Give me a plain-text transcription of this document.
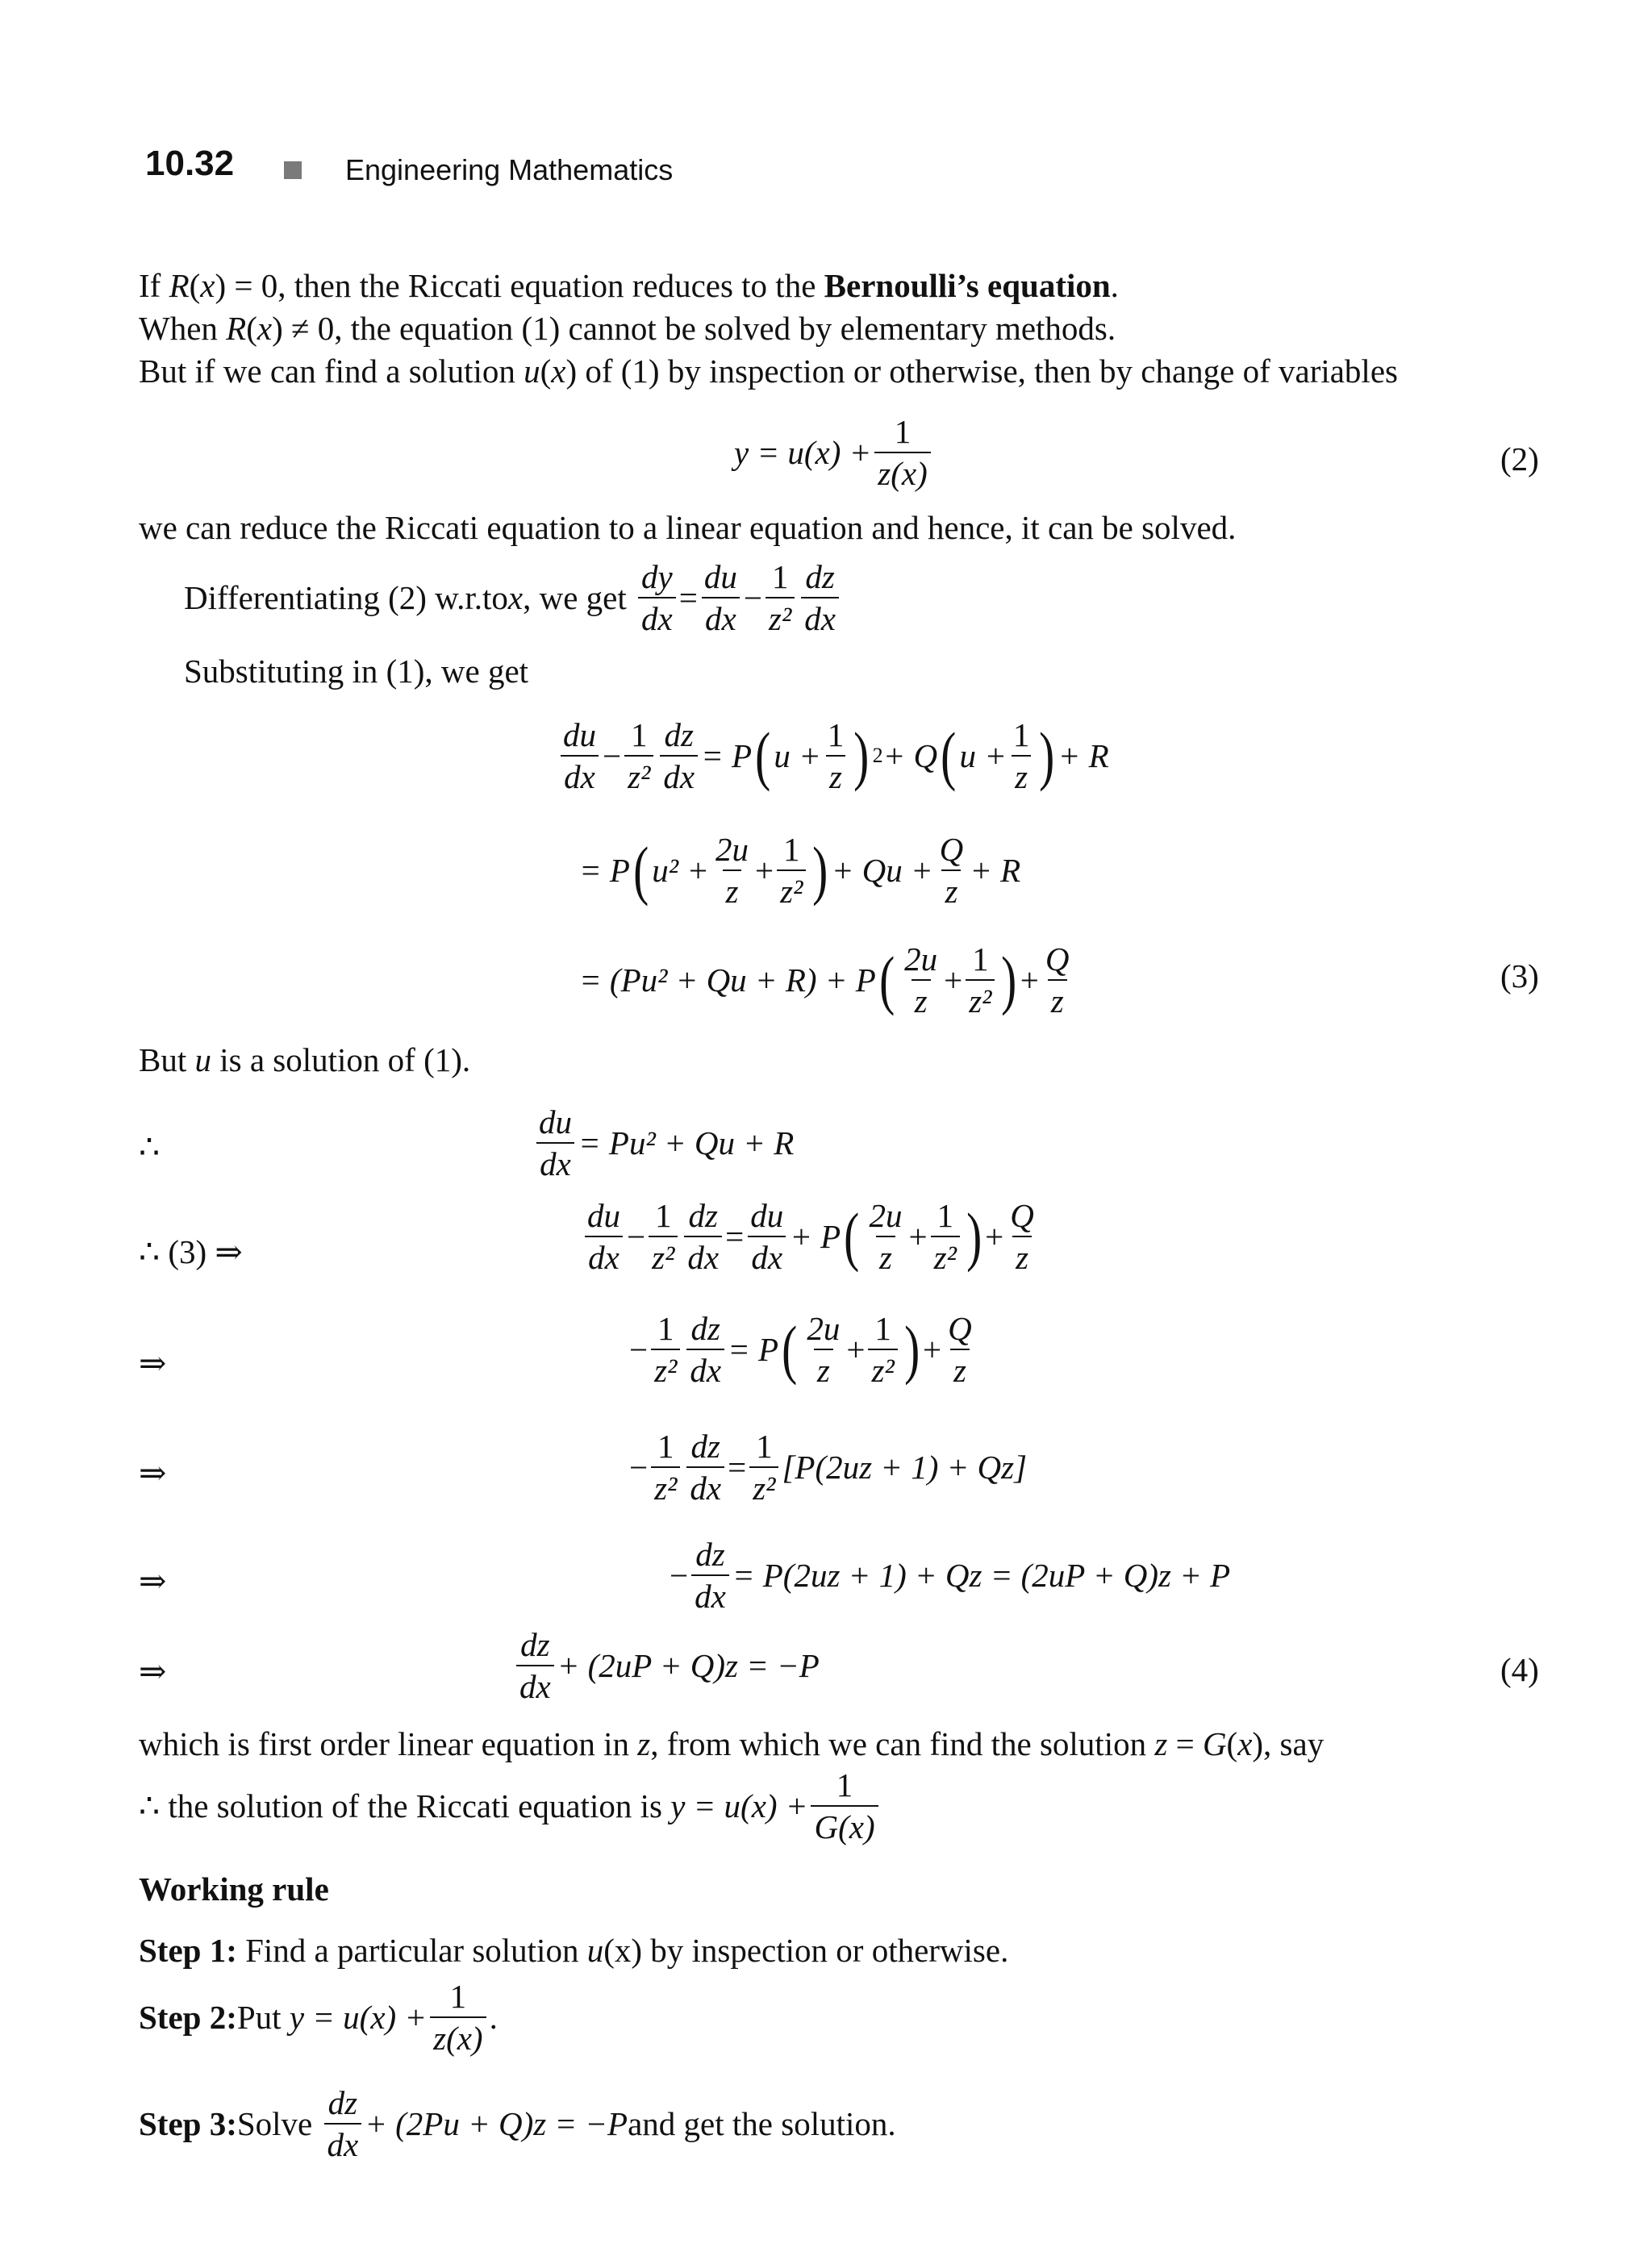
10.32	Engineering Mathematics
If R(x) = 0, then the Riccati equation reduces to the Bernoulli’s equation.
When R(x) ≠ 0, the equation (1) cannot be solved by elementary methods.
But if we can find a solution u(x) of (1) by inspection or otherwise, then by change of variables
$y = u(x) + \frac{1}{z(x)}$	(2)
we can reduce the Riccati equation to a linear equation and hence, it can be solved.
Differentiating (2) w.r.to x , we get
$\frac{dy}{dx} = \frac{du}{dx} - \frac{1}{\text{z²}} \frac{dz}{dx}$
Substituting in (1), we get
$\frac{du}{dx} - \frac{1}{\text{z²}} \frac{dz}{dx} = P$ ( $u + \frac{1}{z}$ ) 2 + Q ( $u + \frac{1}{z}$ ) + R
= P ( $u^2 + \frac{2u}{z} + \frac{1}{\text{z²}}$ ) + $Qu + \frac{Q}{z} + R$
= (Pu² + Qu + R) + P ( $\frac{2u}{z} + \frac{1}{\text{z²}}$ ) + $\frac{Q}{z}$	(3)
But u is a solution of (1).
∴	$\frac{du}{dx} = Pu^2 + Qu + R$
∴ (3) ⇒	$\frac{du}{dx} - \frac{1}{\text{z²}} \frac{dz}{dx} = \frac{du}{dx} + P$ ( $\frac{2u}{z} + \frac{1}{\text{z²}}$ ) + $\frac{Q}{z}$
⇒	− $\frac{1}{\text{z²}} \frac{dz}{dx} = P$ ( $\frac{2u}{z} + \frac{1}{\text{z²}}$ ) + $\frac{Q}{z}$
⇒	− $\frac{1}{\text{z²}} \frac{dz}{dx} = \frac{1}{\text{z²}} [P(2uz + 1) + Qz]$
⇒	− $\frac{dz}{dx} = P(2uz + 1) + Qz = (2uP + Q)z + P$
⇒	$\frac{dz}{dx} + (2uP + Q)z = -P$	(4)
which is first order linear equation in z, from which we can find the solution z = G(x), say
∴ the solution of the Riccati equation is
$y = u(x) + \frac{1}{G(x)}$
Working rule
Step 1: Find a particular solution u(x) by inspection or otherwise.
Step 2: Put
$y = u(x) + \frac{1}{z(x)}$ .
Step 3: Solve
$\frac{dz}{dx} + (2Pu + Q)z = -P$ and get the solution.
